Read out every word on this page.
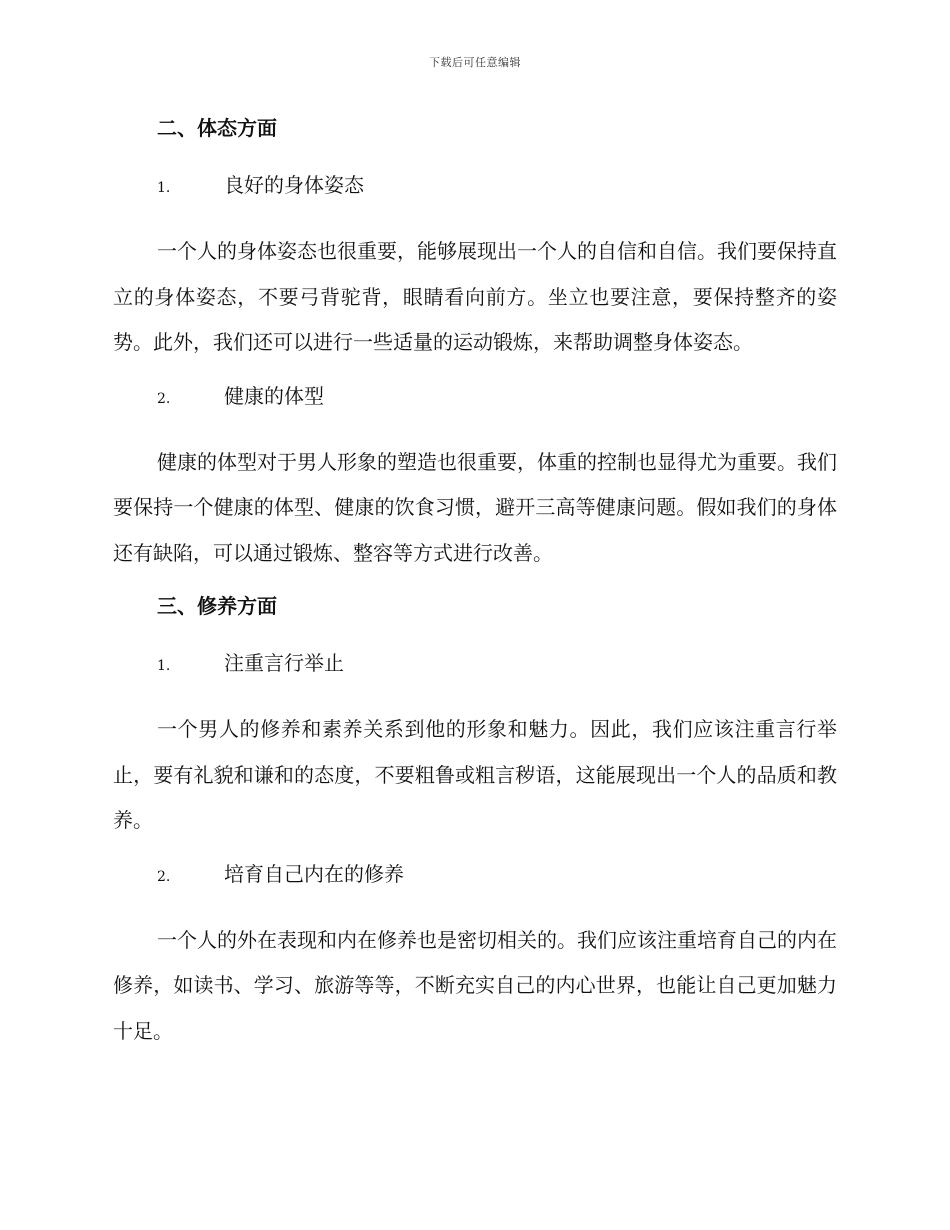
下载后可任意编辑
二、体态方面
1.	良好的身体姿态

一个人的身体姿态也很重要，能够展现出一个人的自信和自信。我们要保持直立的身体姿态，不要弓背驼背，眼睛看向前方。坐立也要注意，要保持整齐的姿势。此外，我们还可以进行一些适量的运动锻炼，来帮助调整身体姿态。

2.	健康的体型

健康的体型对于男人形象的塑造也很重要，体重的控制也显得尤为重要。我们要保持一个健康的体型、健康的饮食习惯，避开三高等健康问题。假如我们的身体还有缺陷，可以通过锻炼、整容等方式进行改善。

三、修养方面
1.	注重言行举止

一个男人的修养和素养关系到他的形象和魅力。因此，我们应该注重言行举止，要有礼貌和谦和的态度，不要粗鲁或粗言秽语，这能展现出一个人的品质和教养。

2.	培育自己内在的修养

一个人的外在表现和内在修养也是密切相关的。我们应该注重培育自己的内在修养，如读书、学习、旅游等等，不断充实自己的内心世界，也能让自己更加魅力十足。
